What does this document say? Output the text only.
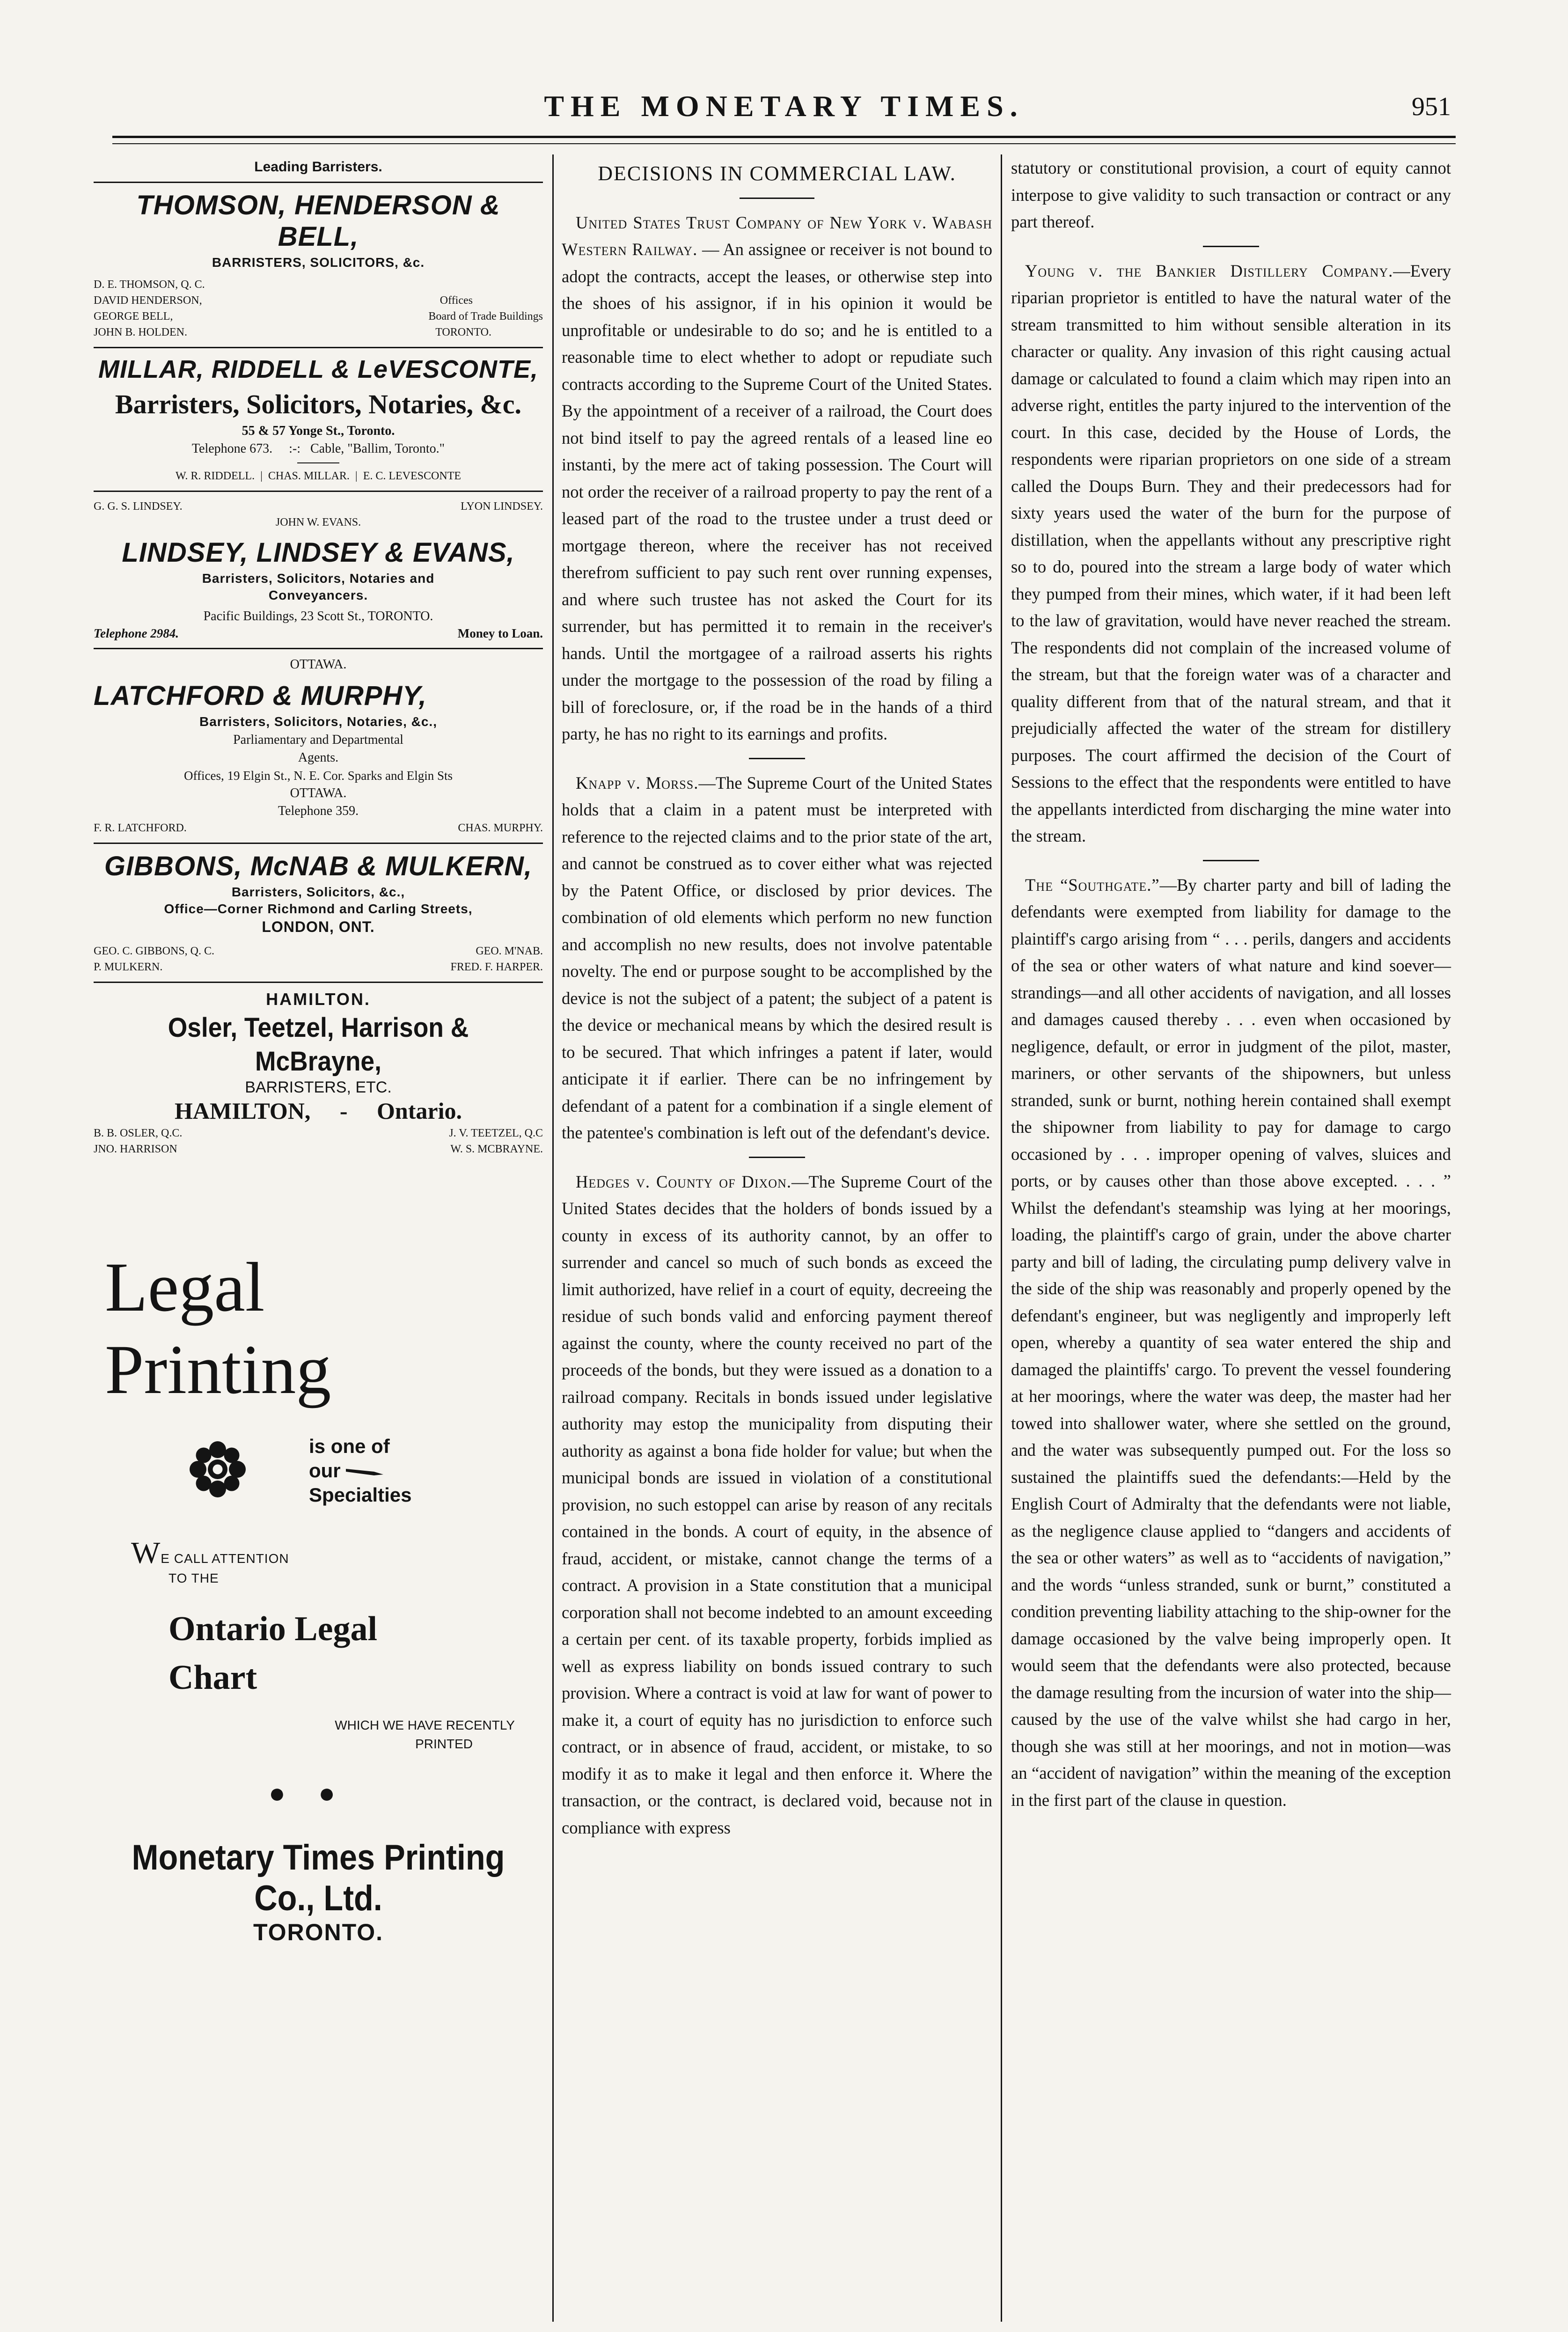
THE MONETARY TIMES.	951
Leading Barristers.
THOMSON, HENDERSON & BELL,
BARRISTERS, SOLICITORS, &c.
D. E. THOMSON, Q. C.
DAVID HENDERSON,	Offices
GEORGE BELL,	Board of Trade Buildings
JOHN B. HOLDEN.	TORONTO.
MILLAR, RIDDELL & LeVESCONTE,
Barristers, Solicitors, Notaries, &c.
55 & 57 Yonge St., Toronto.
Telephone 673.     :-:   Cable, "Ballim, Toronto."
W. R. RIDDELL.  |  CHAS. MILLAR.  |  E. C. LEVESCONTE
G. G. S. LINDSEY.	LYON LINDSEY.
JOHN W. EVANS.
LINDSEY, LINDSEY & EVANS,
Barristers, Solicitors, Notaries and
Conveyancers.
Pacific Buildings, 23 Scott St., TORONTO.
Telephone 2984.	Money to Loan.
OTTAWA.
LATCHFORD & MURPHY,
Barristers, Solicitors, Notaries, &c.,
Parliamentary and Departmental
Agents.
Offices, 19 Elgin St., N. E. Cor. Sparks and Elgin Sts
OTTAWA.
Telephone 359.
F. R. LATCHFORD.	CHAS. MURPHY.
GIBBONS, McNAB & MULKERN,
Barristers, Solicitors, &c.,
Office—Corner Richmond and Carling Streets,
LONDON, ONT.
GEO. C. GIBBONS, Q. C.	GEO. M'NAB.
P. MULKERN.	FRED. F. HARPER.
HAMILTON.
Osler, Teetzel, Harrison & McBrayne,
BARRISTERS, ETC.
HAMILTON,     -     Ontario.
B. B. OSLER, Q.C.	J. V. TEETZEL, Q.C
JNO. HARRISON	W. S. MCBRAYNE.
Legal
Printing
is one of
our
Specialties
WE CALL ATTENTION
TO THE
Ontario Legal
Chart
WHICH WE HAVE RECENTLY
PRINTED
●●
Monetary Times Printing Co., Ltd.
TORONTO.
DECISIONS IN COMMERCIAL LAW.

United States Trust Company of New York v. Wabash Western Railway. — An assignee or receiver is not bound to adopt the contracts, accept the leases, or otherwise step into the shoes of his assignor, if in his opinion it would be unprofitable or undesirable to do so; and he is entitled to a reasonable time to elect whether to adopt or repudiate such contracts according to the Supreme Court of the United States. By the appointment of a receiver of a railroad, the Court does not bind itself to pay the agreed rentals of a leased line eo instanti, by the mere act of taking possession. The Court will not order the receiver of a railroad property to pay the rent of a leased part of the road to the trustee under a trust deed or mortgage thereon, where the receiver has not received therefrom sufficient to pay such rent over running expenses, and where such trustee has not asked the Court for its surrender, but has permitted it to remain in the receiver's hands. Until the mortgagee of a railroad asserts his rights under the mortgage to the possession of the road by filing a bill of foreclosure, or, if the road be in the hands of a third party, he has no right to its earnings and profits.

Knapp v. Morss.—The Supreme Court of the United States holds that a claim in a patent must be interpreted with reference to the rejected claims and to the prior state of the art, and cannot be construed as to cover either what was rejected by the Patent Office, or disclosed by prior devices. The combination of old elements which perform no new function and accomplish no new results, does not involve patentable novelty. The end or purpose sought to be accomplished by the device is not the subject of a patent; the subject of a patent is the device or mechanical means by which the desired result is to be secured. That which infringes a patent if later, would anticipate it if earlier. There can be no infringement by defendant of a patent for a combination if a single element of the patentee's combination is left out of the defendant's device.

Hedges v. County of Dixon.—The Supreme Court of the United States decides that the holders of bonds issued by a county in excess of its authority cannot, by an offer to surrender and cancel so much of such bonds as exceed the limit authorized, have relief in a court of equity, decreeing the residue of such bonds valid and enforcing payment thereof against the county, where the county received no part of the proceeds of the bonds, but they were issued as a donation to a railroad company. Recitals in bonds issued under legislative authority may estop the municipality from disputing their authority as against a bona fide holder for value; but when the municipal bonds are issued in violation of a constitutional provision, no such estoppel can arise by reason of any recitals contained in the bonds. A court of equity, in the absence of fraud, accident, or mistake, cannot change the terms of a contract. A provision in a State constitution that a municipal corporation shall not become indebted to an amount exceeding a certain per cent. of its taxable property, forbids implied as well as express liability on bonds issued contrary to such provision. Where a contract is void at law for want of power to make it, a court of equity has no jurisdiction to enforce such contract, or in absence of fraud, accident, or mistake, to so modify it as to make it legal and then enforce it. Where the transaction, or the contract, is declared void, because not in compliance with express

statutory or constitutional provision, a court of equity cannot interpose to give validity to such transaction or contract or any part thereof.

Young v. the Bankier Distillery Company.—Every riparian proprietor is entitled to have the natural water of the stream transmitted to him without sensible alteration in its character or quality. Any invasion of this right causing actual damage or calculated to found a claim which may ripen into an adverse right, entitles the party injured to the intervention of the court. In this case, decided by the House of Lords, the respondents were riparian proprietors on one side of a stream called the Doups Burn. They and their predecessors had for sixty years used the water of the burn for the purpose of distillation, when the appellants without any prescriptive right so to do, poured into the stream a large body of water which they pumped from their mines, which water, if it had been left to the law of gravitation, would have never reached the stream. The respondents did not complain of the increased volume of the stream, but that the foreign water was of a character and quality different from that of the natural stream, and that it prejudicially affected the water of the stream for distillery purposes. The court affirmed the decision of the Court of Sessions to the effect that the respondents were entitled to have the appellants interdicted from discharging the mine water into the stream.

The “Southgate.”—By charter party and bill of lading the defendants were exempted from liability for damage to the plaintiff's cargo arising from “ . . . perils, dangers and accidents of the sea or other waters of what nature and kind soever—strandings—and all other accidents of navigation, and all losses and damages caused thereby . . . even when occasioned by negligence, default, or error in judgment of the pilot, master, mariners, or other servants of the shipowners, but unless stranded, sunk or burnt, nothing herein contained shall exempt the shipowner from liability to pay for damage to cargo occasioned by . . . improper opening of valves, sluices and ports, or by causes other than those above excepted. . . . ” Whilst the defendant's steamship was lying at her moorings, loading, the plaintiff's cargo of grain, under the above charter party and bill of lading, the circulating pump delivery valve in the side of the ship was reasonably and properly opened by the defendant's engineer, but was negligently and improperly left open, whereby a quantity of sea water entered the ship and damaged the plaintiffs' cargo. To prevent the vessel foundering at her moorings, where the water was deep, the master had her towed into shallower water, where she settled on the ground, and the water was subsequently pumped out. For the loss so sustained the plaintiffs sued the defendants:—Held by the English Court of Admiralty that the defendants were not liable, as the negligence clause applied to “dangers and accidents of the sea or other waters” as well as to “accidents of navigation,” and the words “unless stranded, sunk or burnt,” constituted a condition preventing liability attaching to the ship-owner for the damage occasioned by the valve being improperly open. It would seem that the defendants were also protected, because the damage resulting from the incursion of water into the ship—caused by the use of the valve whilst she had cargo in her, though she was still at her moorings, and not in motion—was an “accident of navigation” within the meaning of the exception in the first part of the clause in question.
